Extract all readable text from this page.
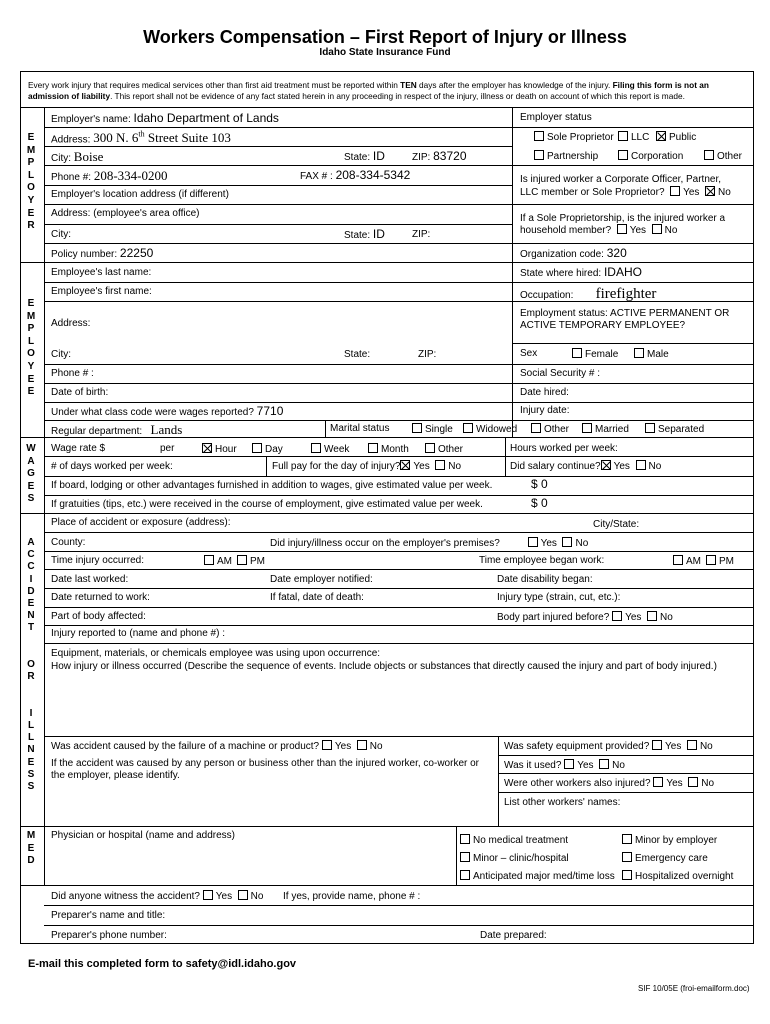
Workers Compensation – First Report of Injury or Illness
Idaho State Insurance Fund
Every work injury that requires medical services other than first aid treatment must be reported within TEN days after the employer has knowledge of the injury. Filing this form is not an admission of liability. This report shall not be evidence of any fact stated herein in any proceeding in respect of the injury, illness or death on account of which this report is made.
E
M
P
L
O
Y
E
R
E
M
P
L
O
Y
E
E
W
A
G
E
S
A
C
C
I
D
E
N
T

O
R

I
L
L
N
E
S
S
M
E
D
Employer's name: Idaho Department of Lands
Address: 300 N. 6th Street Suite 103
City: Boise	State: ID	ZIP: 83720
Phone #: 208-334-0200	FAX # : 208-334-5342
Employer's location address (if different)
Address: (employee's area office)
City:	State: ID	ZIP:
Policy number: 22250
Employer status
Sole Proprietor	LLC	Public
Partnership	Corporation	Other
Is injured worker a Corporate Officer, Partner,
LLC member or Sole Proprietor? Yes No
If a Sole Proprietorship, is the injured worker a
household member? Yes No
Organization code: 320
Employee's last name:
Employee's first name:
Address:
City:	State:	ZIP:
Phone # :
Date of birth:
Under what class code were wages reported? 7710
Regular department: Lands	Marital status	Single	Widowed	Other	Married	Separated
State where hired: IDAHO
Occupation: firefighter
Employment status: ACTIVE PERMANENT OR
ACTIVE TEMPORARY EMPLOYEE?
Sex	Female	Male
Social Security # :
Date hired:
Injury date:
Wage rate $	per	Hour	Day	Week	Month	Other	Hours worked per week:
# of days worked per week:	Full pay for the day of injury? Yes No	Did salary continue? Yes No
If board, lodging or other advantages furnished in addition to wages, give estimated value per week.	$ 0
If gratuities (tips, etc.) were received in the course of employment, give estimated value per week.	$ 0
Place of accident or exposure (address):	City/State:
County:	Did injury/illness occur on the employer's premises?	Yes No
Time injury occurred:	AM	PM	Time employee began work:	AM	PM
Date last worked:	Date employer notified:	Date disability began:
Date returned to work:	If fatal, date of death:	Injury type (strain, cut, etc.):
Part of body affected:	Body part injured before? Yes No
Injury reported to (name and phone #) :
Equipment, materials, or chemicals employee was using upon occurrence:
How injury or illness occurred (Describe the sequence of events. Include objects or substances that directly caused the injury and part of body injured.)
Was accident caused by the failure of a machine or product? Yes No
If the accident was caused by any person or business other than the injured worker, co-worker or
the employer, please identify.
Was safety equipment provided? Yes No
Was it used? Yes No
Were other workers also injured? Yes No
List other workers' names:
Physician or hospital (name and address)	No medical treatment	Minor by employer
Minor – clinic/hospital	Emergency care
Anticipated major med/time loss	Hospitalized overnight
Did anyone witness the accident? Yes No If yes, provide name, phone # :
Preparer's name and title:
Preparer's phone number:	Date prepared:
E-mail this completed form to safety@idl.idaho.gov
SIF 10/05E (froi-emailform.doc)
